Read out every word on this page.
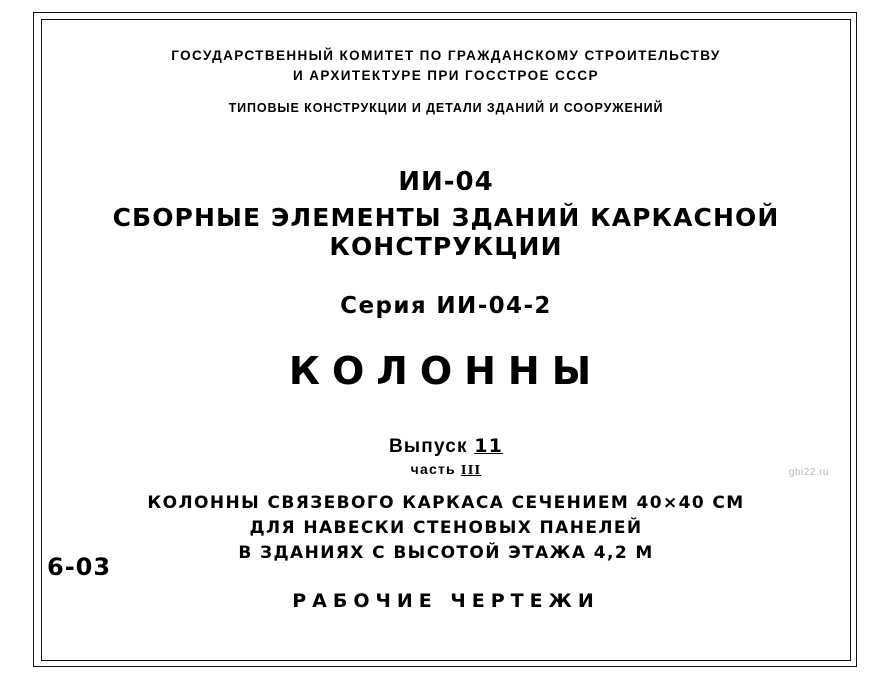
ГОСУДАРСТВЕННЫЙ КОМИТЕТ ПО ГРАЖДАНСКОМУ СТРОИТЕЛЬСТВУ
И АРХИТЕКТУРЕ ПРИ ГОССТРОЕ СССР
ТИПОВЫЕ КОНСТРУКЦИИ И ДЕТАЛИ ЗДАНИЙ И СООРУЖЕНИЙ
ИИ-04
СБОРНЫЕ ЭЛЕМЕНТЫ ЗДАНИЙ КАРКАСНОЙ КОНСТРУКЦИИ
Серия ИИ-04-2
КОЛОННЫ
Выпуск 11
часть III
КОЛОННЫ СВЯЗЕВОГО КАРКАСА СЕЧЕНИЕМ 40×40 СМ
ДЛЯ НАВЕСКИ СТЕНОВЫХ ПАНЕЛЕЙ
В ЗДАНИЯХ С ВЫСОТОЙ ЭТАЖА 4,2 М
РАБОЧИЕ ЧЕРТЕЖИ
6-03
gbi22.ru
